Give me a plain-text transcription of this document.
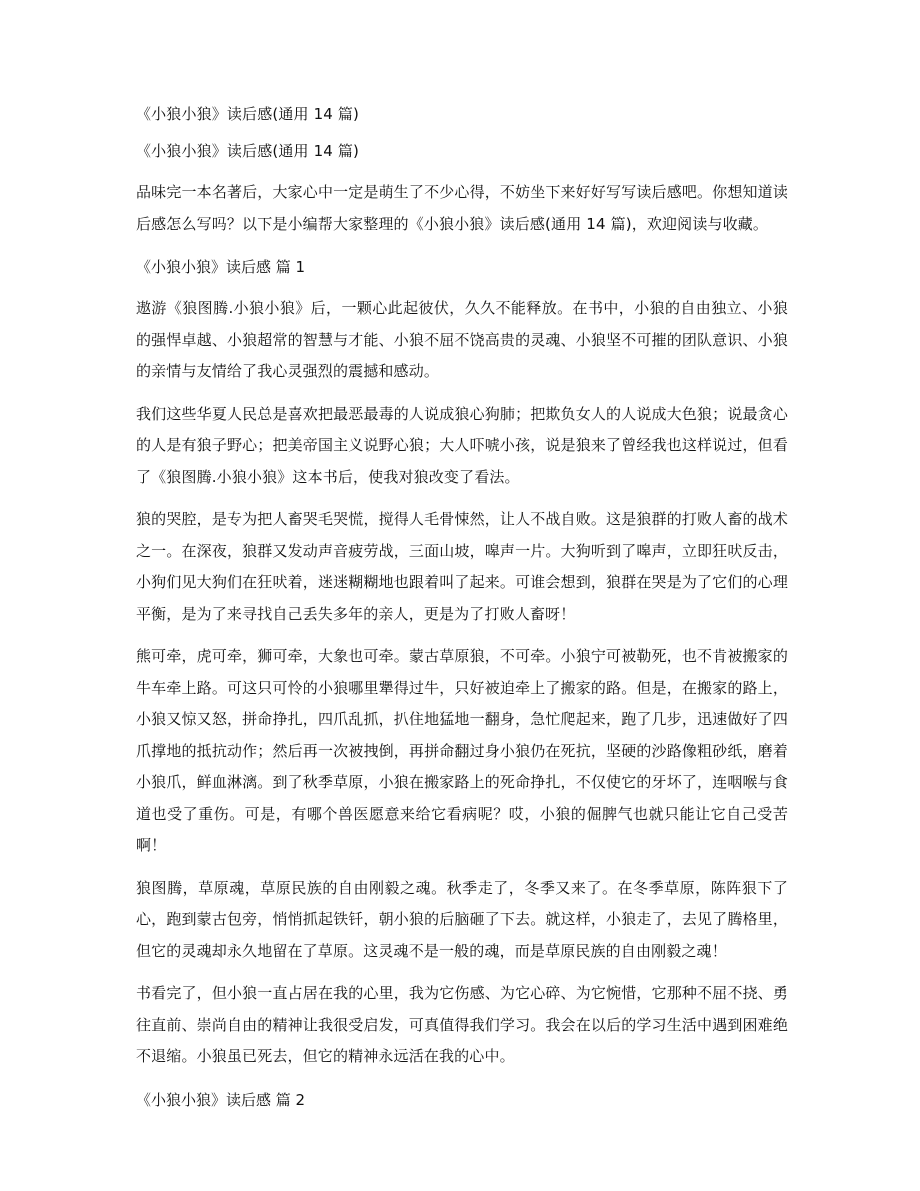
《小狼小狼》读后感(通用 14 篇)

《小狼小狼》读后感(通用 14 篇)

品味完一本名著后，大家心中一定是萌生了不少心得，不妨坐下来好好写写读后感吧。你想知道读后感怎么写吗？以下是小编帮大家整理的《小狼小狼》读后感(通用 14 篇)，欢迎阅读与收藏。

《小狼小狼》读后感 篇 1

遨游《狼图腾.小狼小狼》后，一颗心此起彼伏，久久不能释放。在书中，小狼的自由独立、小狼的强悍卓越、小狼超常的智慧与才能、小狼不屈不饶高贵的灵魂、小狼坚不可摧的团队意识、小狼的亲情与友情给了我心灵强烈的震撼和感动。

我们这些华夏人民总是喜欢把最恶最毒的人说成狼心狗肺；把欺负女人的人说成大色狼；说最贪心的人是有狼子野心；把美帝国主义说野心狼；大人吓唬小孩，说是狼来了曾经我也这样说过，但看了《狼图腾.小狼小狼》这本书后，使我对狼改变了看法。

狼的哭腔，是专为把人畜哭毛哭慌，搅得人毛骨悚然，让人不战自败。这是狼群的打败人畜的战术之一。在深夜，狼群又发动声音疲劳战，三面山坡，嗥声一片。大狗听到了嗥声，立即狂吠反击，小狗们见大狗们在狂吠着，迷迷糊糊地也跟着叫了起来。可谁会想到，狼群在哭是为了它们的心理平衡，是为了来寻找自己丢失多年的亲人，更是为了打败人畜呀！

熊可牵，虎可牵，狮可牵，大象也可牵。蒙古草原狼，不可牵。小狼宁可被勒死，也不肯被搬家的牛车牵上路。可这只可怜的小狼哪里犟得过牛，只好被迫牵上了搬家的路。但是，在搬家的路上，小狼又惊又怒，拼命挣扎，四爪乱抓，扒住地猛地一翻身，急忙爬起来，跑了几步，迅速做好了四爪撑地的抵抗动作；然后再一次被拽倒，再拼命翻过身小狼仍在死抗，坚硬的沙路像粗砂纸，磨着小狼爪，鲜血淋漓。到了秋季草原，小狼在搬家路上的死命挣扎，不仅使它的牙坏了，连咽喉与食道也受了重伤。可是，有哪个兽医愿意来给它看病呢？哎，小狼的倔脾气也就只能让它自己受苦啊！

狼图腾，草原魂，草原民族的自由刚毅之魂。秋季走了，冬季又来了。在冬季草原，陈阵狠下了心，跑到蒙古包旁，悄悄抓起铁钎，朝小狼的后脑砸了下去。就这样，小狼走了，去见了腾格里，但它的灵魂却永久地留在了草原。这灵魂不是一般的魂，而是草原民族的自由刚毅之魂！

书看完了，但小狼一直占居在我的心里，我为它伤感、为它心碎、为它惋惜，它那种不屈不挠、勇往直前、崇尚自由的精神让我很受启发，可真值得我们学习。我会在以后的学习生活中遇到困难绝不退缩。小狼虽已死去，但它的精神永远活在我的心中。

《小狼小狼》读后感 篇 2
